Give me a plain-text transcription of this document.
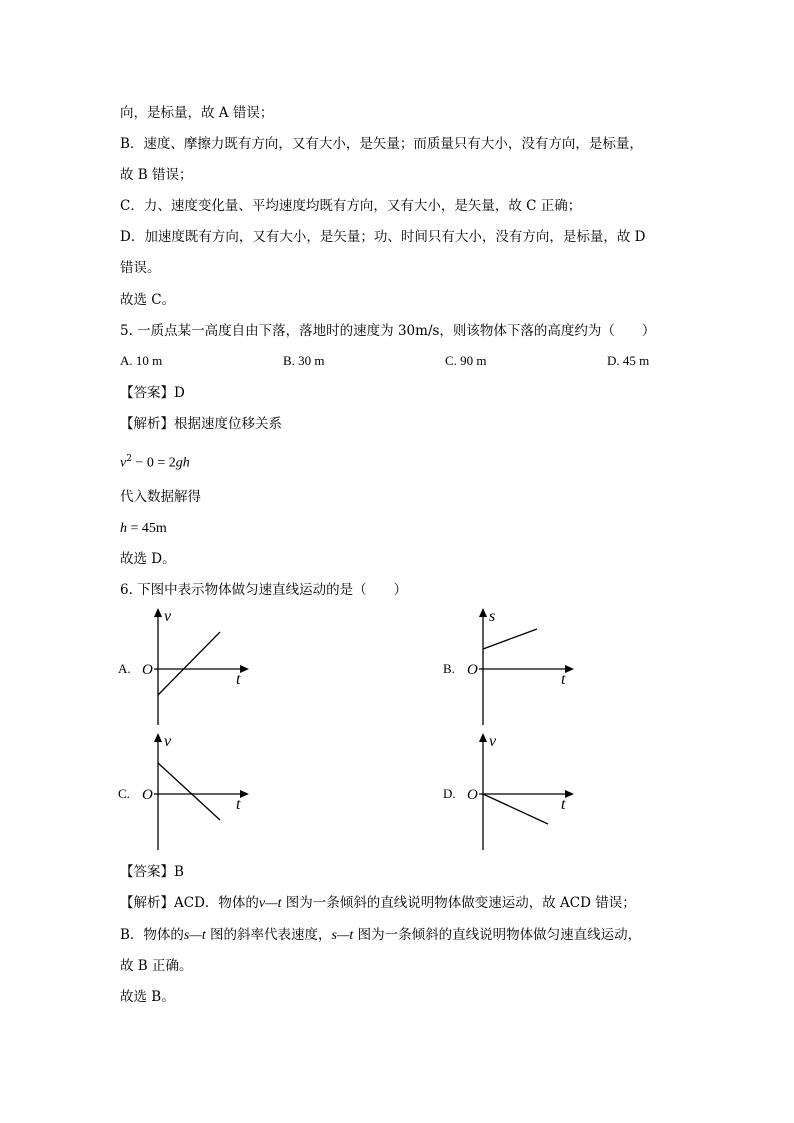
向，是标量，故 A 错误；
B．速度、摩擦力既有方向，又有大小，是矢量；而质量只有大小，没有方向，是标量，
故 B 错误；
C．力、速度变化量、平均速度均既有方向，又有大小，是矢量，故 C 正确；
D．加速度既有方向，又有大小，是矢量；功、时间只有大小，没有方向，是标量，故 D
错误。
故选 C。
5. 一质点某一高度自由下落，落地时的速度为 30m/s，则该物体下落的高度约为（　　）
A. 10 m	B. 30 m	C. 90 m	D. 45 m
【答案】D
【解析】根据速度位移关系
$v^2 - 0 = 2gh$
代入数据解得
h = 45m
故选 D。
6. 下图中表示物体做匀速直线运动的是（　　）
A.
v
t
O	B.
s
t
O
C.
v
t
O	D.
v
t
O
【答案】B
【解析】ACD．物体的v—t 图为一条倾斜的直线说明物体做变速运动，故 ACD 错误；
B．物体的s—t 图的斜率代表速度，s—t 图为一条倾斜的直线说明物体做匀速直线运动，
故 B 正确。
故选 B。
